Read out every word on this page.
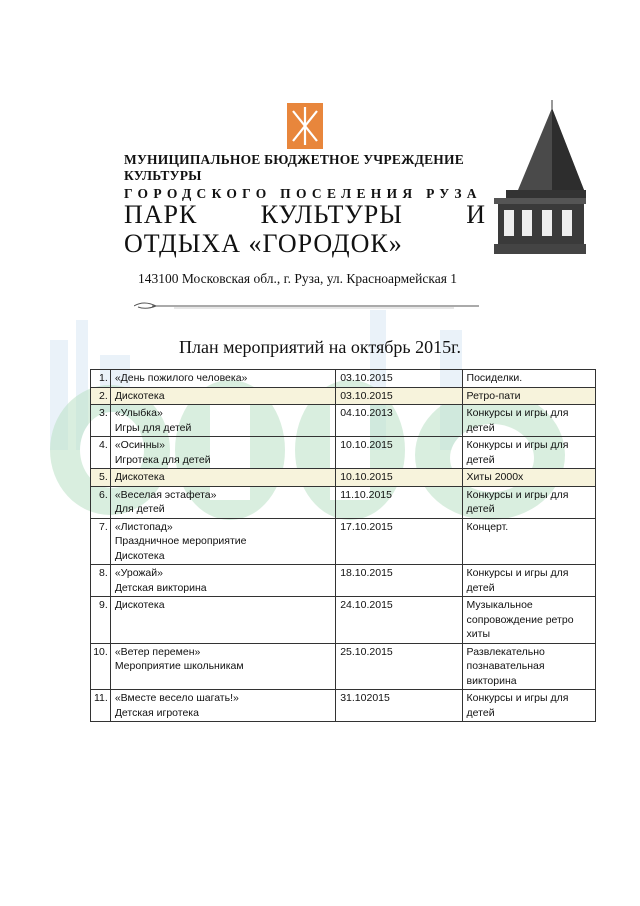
МУНИЦИПАЛЬНОЕ БЮДЖЕТНОЕ УЧРЕЖДЕНИЕ
КУЛЬТУРЫ
ГОРОДСКОГО ПОСЕЛЕНИЯ РУЗА
ПАРК КУЛЬТУРЫ И
ОТДЫХА «ГОРОДОК»
143100 Московская обл., г. Руза, ул. Красноармейская 1
План мероприятий на октябрь 2015г.
1.	«День пожилого человека»	03.10.2015	Посиделки.
2.	Дискотека	03.10.2015	Ретро-пати
3.	«Улыбка»
Игры для детей	04.10.2013	Конкурсы и игры для детей
4.	«Осинны»
Игротека для детей	10.10.2015	Конкурсы и игры для детей
5.	Дискотека	10.10.2015	Хиты 2000х
6.	«Веселая эстафета»
Для детей	11.10.2015	Конкурсы и игры для детей
7.	«Листопад»
Праздничное мероприятие
Дискотека	17.10.2015	Концерт.
8.	«Урожай»
Детская викторина	18.10.2015	Конкурсы и игры для детей
9.	Дискотека	24.10.2015	Музыкальное сопровождение ретро хиты
10.	«Ветер перемен»
Мероприятие школьникам	25.10.2015	Развлекательно познавательная викторина
11.	«Вместе весело шагать!»
Детская игротека	31.102015	Конкурсы и игры для детей
